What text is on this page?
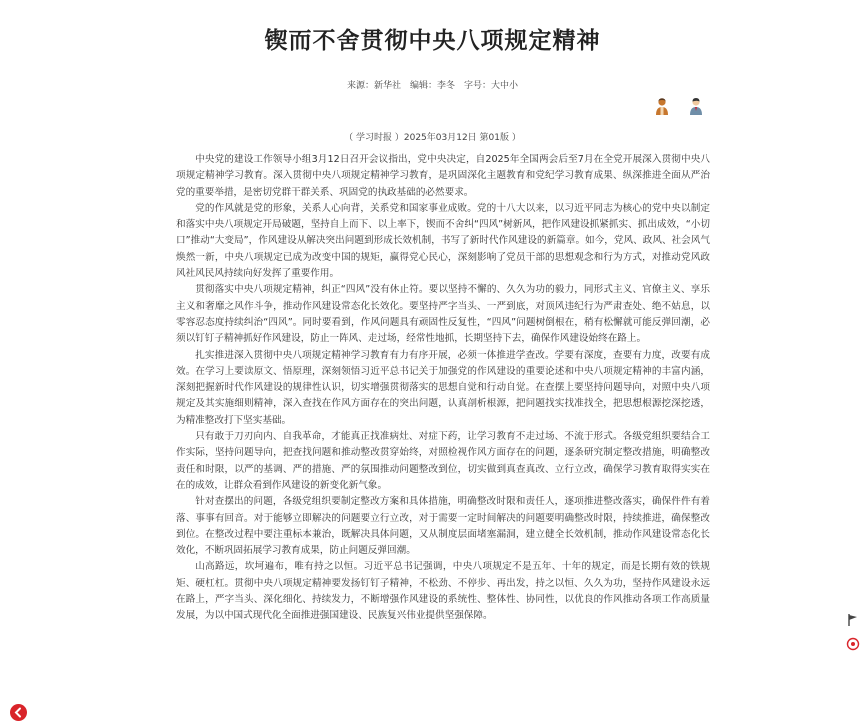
锲而不舍贯彻中央八项规定精神
来源：新华社　编辑：李冬　字号：大中小
（ 学习时报 ）2025年03月12日 第01版 ）

中央党的建设工作领导小组3月12日召开会议指出，党中央决定，自2025年全国两会后至7月在全党开展深入贯彻中央八项规定精神学习教育。深入贯彻中央八项规定精神学习教育，是巩固深化主题教育和党纪学习教育成果、纵深推进全面从严治党的重要举措，是密切党群干群关系、巩固党的执政基础的必然要求。

党的作风就是党的形象，关系人心向背，关系党和国家事业成败。党的十八大以来，以习近平同志为核心的党中央以制定和落实中央八项规定开局破题，坚持自上而下、以上率下，锲而不舍纠“四风”树新风，把作风建设抓紧抓实、抓出成效，“小切口”推动“大变局”，作风建设从解决突出问题到形成长效机制，书写了新时代作风建设的新篇章。如今，党风、政风、社会风气焕然一新，中央八项规定已成为改变中国的规矩，赢得党心民心，深刻影响了党员干部的思想观念和行为方式，对推动党风政风社风民风持续向好发挥了重要作用。

贯彻落实中央八项规定精神，纠正“四风”没有休止符。要以坚持不懈的、久久为功的毅力，同形式主义、官僚主义、享乐主义和奢靡之风作斗争，推动作风建设常态化长效化。要坚持严字当头、一严到底，对顶风违纪行为严肃查处、绝不姑息，以零容忍态度持续纠治“四风”。同时要看到，作风问题具有顽固性反复性，“四风”问题树倒根在，稍有松懈就可能反弹回潮，必须以钉钉子精神抓好作风建设，防止一阵风、走过场，经常性地抓，长期坚持下去，确保作风建设始终在路上。

扎实推进深入贯彻中央八项规定精神学习教育有力有序开展，必须一体推进学查改。学要有深度，查要有力度，改要有成效。在学习上要读原文、悟原理，深刻领悟习近平总书记关于加强党的作风建设的重要论述和中央八项规定精神的丰富内涵，深刻把握新时代作风建设的规律性认识，切实增强贯彻落实的思想自觉和行动自觉。在查摆上要坚持问题导向，对照中央八项规定及其实施细则精神，深入查找在作风方面存在的突出问题，认真剖析根源，把问题找实找准找全，把思想根源挖深挖透，为精准整改打下坚实基础。

只有敢于刀刃向内、自我革命，才能真正找准病灶、对症下药，让学习教育不走过场、不流于形式。各级党组织要结合工作实际，坚持问题导向，把查找问题和推动整改贯穿始终，对照检视作风方面存在的问题，逐条研究制定整改措施，明确整改责任和时限，以严的基调、严的措施、严的氛围推动问题整改到位，切实做到真查真改、立行立改，确保学习教育取得实实在在的成效，让群众看到作风建设的新变化新气象。

针对查摆出的问题，各级党组织要制定整改方案和具体措施，明确整改时限和责任人，逐项推进整改落实，确保件件有着落、事事有回音。对于能够立即解决的问题要立行立改，对于需要一定时间解决的问题要明确整改时限，持续推进，确保整改到位。在整改过程中要注重标本兼治，既解决具体问题，又从制度层面堵塞漏洞，建立健全长效机制，推动作风建设常态化长效化，不断巩固拓展学习教育成果，防止问题反弹回潮。

山高路远，坎坷遍布，唯有持之以恒。习近平总书记强调，中央八项规定不是五年、十年的规定，而是长期有效的铁规矩、硬杠杠。贯彻中央八项规定精神要发扬钉钉子精神，不松劲、不停步、再出发，持之以恒、久久为功，坚持作风建设永远在路上，严字当头、深化细化、持续发力，不断增强作风建设的系统性、整体性、协同性，以优良的作风推动各项工作高质量发展，为以中国式现代化全面推进强国建设、民族复兴伟业提供坚强保障。
